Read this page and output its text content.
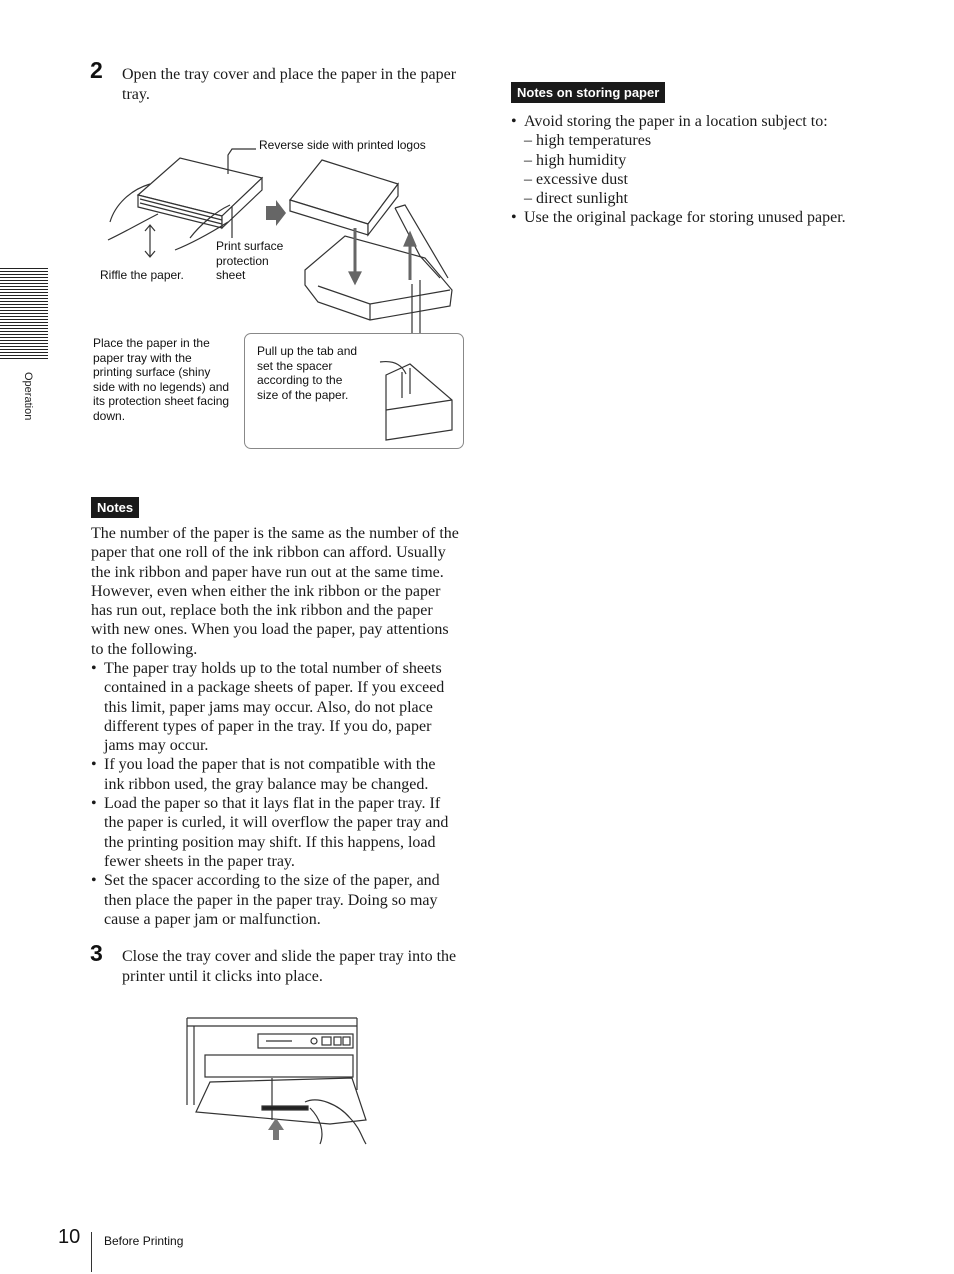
Operation
2 Open the tray cover and place the paper in the paper
tray.
Reverse side with printed logos
Riffle the paper.
Print surface
protection
sheet
Place the paper in the
paper tray with the
printing surface (shiny
side with no legends) and
its protection sheet facing
down.
Pull up the tab and
set the spacer
according to the
size of the paper.
Notes
The number of the paper is the same as the number of the
paper that one roll of the ink ribbon can afford. Usually
the ink ribbon and paper have run out at the same time.
However, even when either the ink ribbon or the paper
has run out, replace both the ink ribbon and the paper
with new ones. When you load the paper, pay attentions
to the following.
• The paper tray holds up to the total number of sheets
contained in a package sheets of paper. If you exceed
this limit, paper jams may occur. Also, do not place
different types of paper in the tray. If you do, paper
jams may occur.
• If you load the paper that is not compatible with the
ink ribbon used, the gray balance may be changed.
• Load the paper so that it lays flat in the paper tray. If
the paper is curled, it will overflow the paper tray and
the printing position may shift. If this happens, load
fewer sheets in the paper tray.
• Set the spacer according to the size of the paper, and
then place the paper in the paper tray. Doing so may
cause a paper jam or malfunction.
3 Close the tray cover and slide the paper tray into the
printer until it clicks into place.
Notes on storing paper
• Avoid storing the paper in a location subject to:
– high temperatures
– high humidity
– excessive dust
– direct sunlight
• Use the original package for storing unused paper.
10 Before Printing
